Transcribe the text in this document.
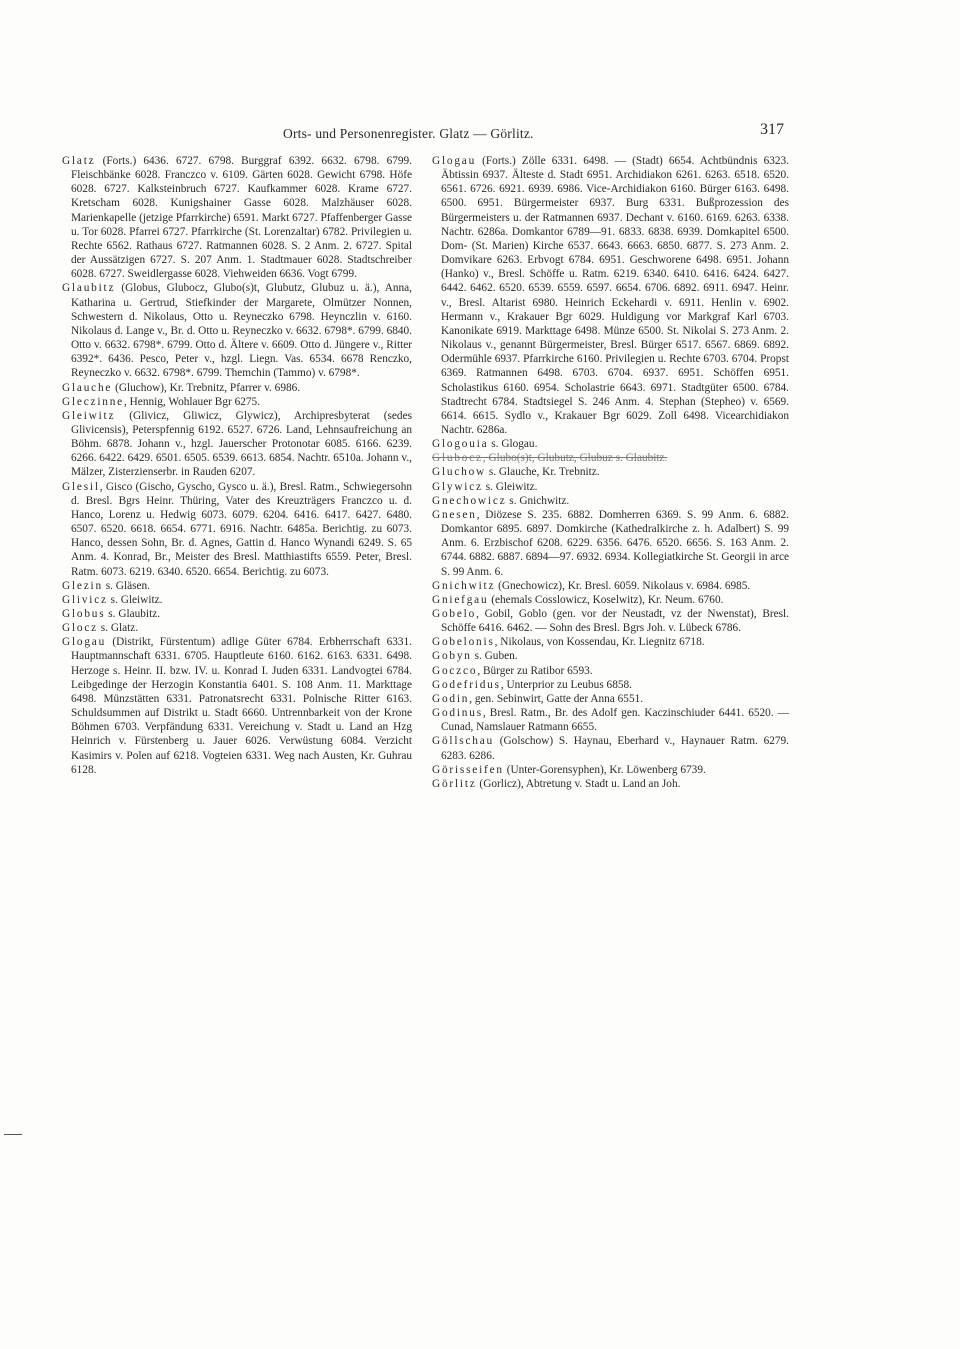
Orts- und Personenregister. Glatz — Görlitz.	317

Glatz (Forts.) 6436. 6727. 6798. Burggraf 6392. 6632. 6798. 6799. Fleischbänke 6028. Franczco v. 6109. Gärten 6028. Gewicht 6798. Höfe 6028. 6727. Kalksteinbruch 6727. Kaufkammer 6028. Krame 6727. Kretscham 6028. Kunigshainer Gasse 6028. Malzhäuser 6028. Marienkapelle (jetzige Pfarrkirche) 6591. Markt 6727. Pfaffenberger Gasse u. Tor 6028. Pfarrei 6727. Pfarrkirche (St. Lorenzaltar) 6782. Privilegien u. Rechte 6562. Rathaus 6727. Ratmannen 6028. S. 2 Anm. 2. 6727. Spital der Aussätzigen 6727. S. 207 Anm. 1. Stadtmauer 6028. Stadtschreiber 6028. 6727. Sweidlergasse 6028. Viehweiden 6636. Vogt 6799.

Glaubitz (Globus, Glubocz, Glubo(s)t, Glubutz, Glubuz u. ä.), Anna, Katharina u. Gertrud, Stiefkinder der Margarete, Olmützer Nonnen, Schwestern d. Nikolaus, Otto u. Reyneczko 6798. Heynczlin v. 6160. Nikolaus d. Lange v., Br. d. Otto u. Reyneczko v. 6632. 6798*. 6799. 6840. Otto v. 6632. 6798*. 6799. Otto d. Ältere v. 6609. Otto d. Jüngere v., Ritter 6392*. 6436. Pesco, Peter v., hzgl. Liegn. Vas. 6534. 6678 Renczko, Reyneczko v. 6632. 6798*. 6799. Themchin (Tammo) v. 6798*.

Glauche (Gluchow), Kr. Trebnitz, Pfarrer v. 6986.

Gleczinne, Hennig, Wohlauer Bgr 6275.

Gleiwitz (Glivicz, Gliwicz, Glywicz), Archipresbyterat (sedes Glivicensis), Peterspfennig 6192. 6527. 6726. Land, Lehnsaufreichung an Böhm. 6878. Johann v., hzgl. Jauerscher Protonotar 6085. 6166. 6239. 6266. 6422. 6429. 6501. 6505. 6539. 6613. 6854. Nachtr. 6510a. Johann v., Mälzer, Zisterzienserbr. in Rauden 6207.

Glesil, Gisco (Gischo, Gyscho, Gysco u. ä.), Bresl. Ratm., Schwiegersohn d. Bresl. Bgrs Heinr. Thüring, Vater des Kreuzträgers Franczco u. d. Hanco, Lorenz u. Hedwig 6073. 6079. 6204. 6416. 6417. 6427. 6480. 6507. 6520. 6618. 6654. 6771. 6916. Nachtr. 6485a. Berichtig. zu 6073. Hanco, dessen Sohn, Br. d. Agnes, Gattin d. Hanco Wynandi 6249. S. 65 Anm. 4. Konrad, Br., Meister des Bresl. Matthiastifts 6559. Peter, Bresl. Ratm. 6073. 6219. 6340. 6520. 6654. Berichtig. zu 6073.

Glezin s. Gläsen.

Glivicz s. Gleiwitz.

Globus s. Glaubitz.

Glocz s. Glatz.

Glogau (Distrikt, Fürstentum) adlige Güter 6784. Erbherrschaft 6331. Hauptmannschaft 6331. 6705. Hauptleute 6160. 6162. 6163. 6331. 6498. Herzoge s. Heinr. II. bzw. IV. u. Konrad I. Juden 6331. Landvogtei 6784. Leibgedinge der Herzogin Konstantia 6401. S. 108 Anm. 11. Markttage 6498. Münzstätten 6331. Patronatsrecht 6331. Polnische Ritter 6163. Schuldsummen auf Distrikt u. Stadt 6660. Untrennbarkeit von der Krone Böhmen 6703. Verpfändung 6331. Vereichung v. Stadt u. Land an Hzg Heinrich v. Fürstenberg u. Jauer 6026. Verwüstung 6084. Verzicht Kasimirs v. Polen auf 6218. Vogteien 6331. Weg nach Austen, Kr. Guhrau 6128.

Glogau (Forts.) Zölle 6331. 6498. — (Stadt) 6654. Achtbündnis 6323. Äbtissin 6937. Älteste d. Stadt 6951. Archidiakon 6261. 6263. 6518. 6520. 6561. 6726. 6921. 6939. 6986. Vice-Archidiakon 6160. Bürger 6163. 6498. 6500. 6951. Bürgermeister 6937. Burg 6331. Bußprozession des Bürgermeisters u. der Ratmannen 6937. Dechant v. 6160. 6169. 6263. 6338. Nachtr. 6286a. Domkantor 6789—91. 6833. 6838. 6939. Domkapitel 6500. Dom- (St. Marien) Kirche 6537. 6643. 6663. 6850. 6877. S. 273 Anm. 2. Domvikare 6263. Erbvogt 6784. 6951. Geschworene 6498. 6951. Johann (Hanko) v., Bresl. Schöffe u. Ratm. 6219. 6340. 6410. 6416. 6424. 6427. 6442. 6462. 6520. 6539. 6559. 6597. 6654. 6706. 6892. 6911. 6947. Heinr. v., Bresl. Altarist 6980. Heinrich Eckehardi v. 6911. Henlin v. 6902. Hermann v., Krakauer Bgr 6029. Huldigung vor Markgraf Karl 6703. Kanonikate 6919. Markttage 6498. Münze 6500. St. Nikolai S. 273 Anm. 2. Nikolaus v., genannt Bürgermeister, Bresl. Bürger 6517. 6567. 6869. 6892. Odermühle 6937. Pfarrkirche 6160. Privilegien u. Rechte 6703. 6704. Propst 6369. Ratmannen 6498. 6703. 6704. 6937. 6951. Schöffen 6951. Scholastikus 6160. 6954. Scholastrie 6643. 6971. Stadtgüter 6500. 6784. Stadtrecht 6784. Stadtsiegel S. 246 Anm. 4. Stephan (Stepheo) v. 6569. 6614. 6615. Sydlo v., Krakauer Bgr 6029. Zoll 6498. Vicearchidiakon Nachtr. 6286a.

Glogouia s. Glogau.

Glubocz, Glubo(s)t, Glubutz, Glubuz s. Glaubitz.

Gluchow s. Glauche, Kr. Trebnitz.

Glywicz s. Gleiwitz.

Gnechowicz s. Gnichwitz.

Gnesen, Diözese S. 235. 6882. Domherren 6369. S. 99 Anm. 6. 6882. Domkantor 6895. 6897. Domkirche (Kathedralkirche z. h. Adalbert) S. 99 Anm. 6. Erzbischof 6208. 6229. 6356. 6476. 6520. 6656. S. 163 Anm. 2. 6744. 6882. 6887. 6894—97. 6932. 6934. Kollegiatkirche St. Georgii in arce S. 99 Anm. 6.

Gnichwitz (Gnechowicz), Kr. Bresl. 6059. Nikolaus v. 6984. 6985.

Gniefgau (ehemals Cosslowicz, Koselwitz), Kr. Neum. 6760.

Gobelo, Gobil, Goblo (gen. vor der Neustadt, vz der Nwenstat), Bresl. Schöffe 6416. 6462. — Sohn des Bresl. Bgrs Joh. v. Lübeck 6786.

Gobelonis, Nikolaus, von Kossendau, Kr. Liegnitz 6718.

Gobyn s. Guben.

Goczco, Bürger zu Ratibor 6593.

Godefridus, Unterprior zu Leubus 6858.

Godin, gen. Sebinwirt, Gatte der Anna 6551.

Godinus, Bresl. Ratm., Br. des Adolf gen. Kaczinschiuder 6441. 6520. — Cunad, Namslauer Ratmann 6655.

Göllschau (Golschow) S. Haynau, Eberhard v., Haynauer Ratm. 6279. 6283. 6286.

Görisseifen (Unter-Gorensyphen), Kr. Löwenberg 6739.

Görlitz (Gorlicz), Abtretung v. Stadt u. Land an Joh.
